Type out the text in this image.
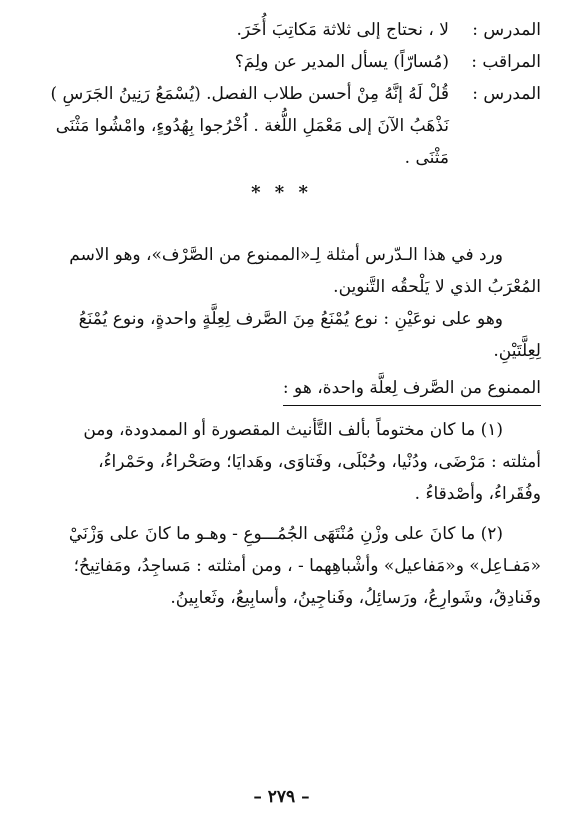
المدرس :
لا ، نحتاج إلى ثلاثة مَكاتِبَ أُخَرَ.
المراقب :
(مُسارّاً) يسأل المدير عن ولِمَ؟
المدرس :
قُلْ لَهُ إنَّهُ مِنْ أحسن طلاب الفصل. (يُسْمَعُ رَنِينُ الجَرَسِ )
نَذْهَبُ الآنَ إلى مَعْمَلِ اللُّغة . اُخْرُجوا بِهُدُوءٍ، وامْشُوا مَثْنَى
مَثْنَى .
* * *
ورد في هذا الـدّرس أمثلة لِـ«الممنوع من الصَّرْف»، وهو الاسم
المُعْرَبُ الذي لا يَلْحقُه التَّنوين.
وهو على نوعَيْنِ : نوع يُمْنَعُ مِنَ الصَّرف لِعِلَّةٍ واحدةٍ، ونوع يُمْنَعُ
لِعِلَّتَيْنِ.
الممنوع من الصَّرف لِعلَّة واحدة، هو :
(١) ما كان مختوماً بألف التَّأنيث المقصورة أو الممدودة، ومن
أمثلته : مَرْضَى، ودُنْيا، وحُبْلَى، وفَتاوَى، وهَدايَا؛ وصَحْراءُ، وحَمْراءُ،
وفُقَراءُ، وأصْدقاءُ .
(٢) ما كانَ على وزْنِ مُنْتَهَى الجُمُـــوعِ - وهـو ما كانَ على وَزْنَيْ
«مَفـاعِل» و«مَفاعيل» وأشْباهِهما - ، ومن أمثلته : مَساجِدُ، ومَفاتِيحُ؛
وفَنادِقُ، وشَوارِعُ، ورَسائِلُ، وفَناجِينُ، وأسابِيعُ، وثَعابِينُ.
– ٢٧٩ –
